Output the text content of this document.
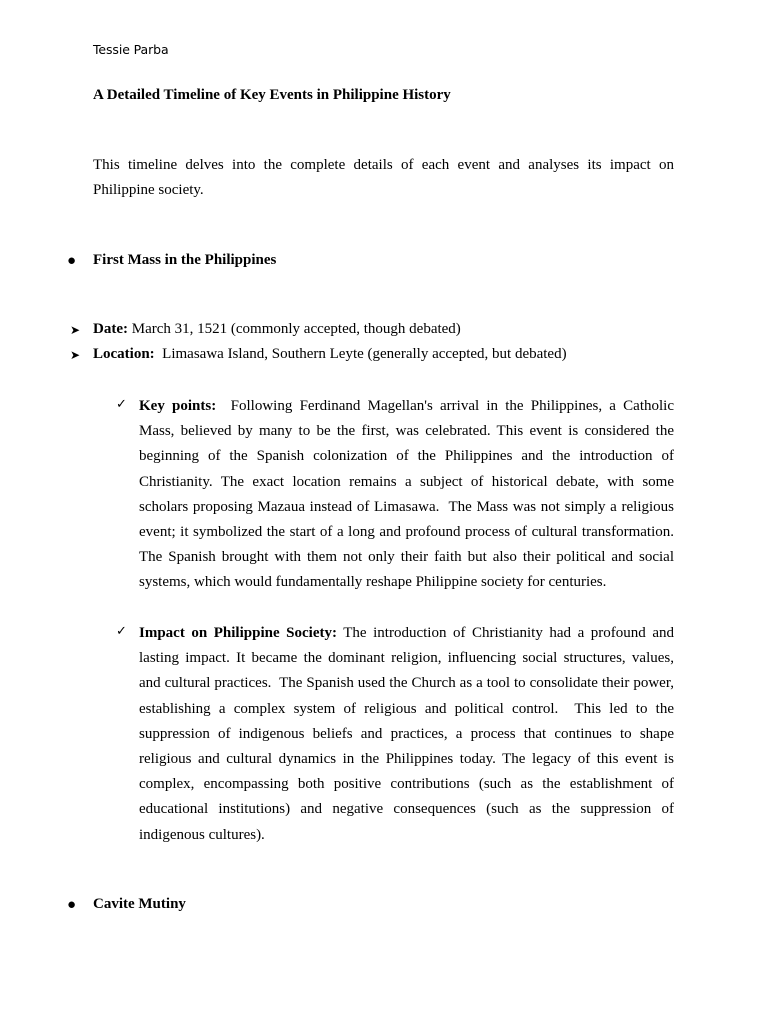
Tessie Parba
A Detailed Timeline of Key Events in Philippine History
This timeline delves into the complete details of each event and analyses its impact on Philippine society.
● First Mass in the Philippines
➤ Date: March 31, 1521 (commonly accepted, though debated)
➤ Location:  Limasawa Island, Southern Leyte (generally accepted, but debated)
✓ Key points:  Following Ferdinand Magellan's arrival in the Philippines, a Catholic Mass, believed by many to be the first, was celebrated. This event is considered the beginning of the Spanish colonization of the Philippines and the introduction of Christianity. The exact location remains a subject of historical debate, with some scholars proposing Mazaua instead of Limasawa.  The Mass was not simply a religious event; it symbolized the start of a long and profound process of cultural transformation.  The Spanish brought with them not only their faith but also their political and social systems, which would fundamentally reshape Philippine society for centuries.
✓ Impact on Philippine Society: The introduction of Christianity had a profound and lasting impact. It became the dominant religion, influencing social structures, values, and cultural practices.  The Spanish used the Church as a tool to consolidate their power, establishing a complex system of religious and political control.  This led to the suppression of indigenous beliefs and practices, a process that continues to shape religious and cultural dynamics in the Philippines today. The legacy of this event is complex, encompassing both positive contributions (such as the establishment of educational institutions) and negative consequences (such as the suppression of indigenous cultures).
● Cavite Mutiny
